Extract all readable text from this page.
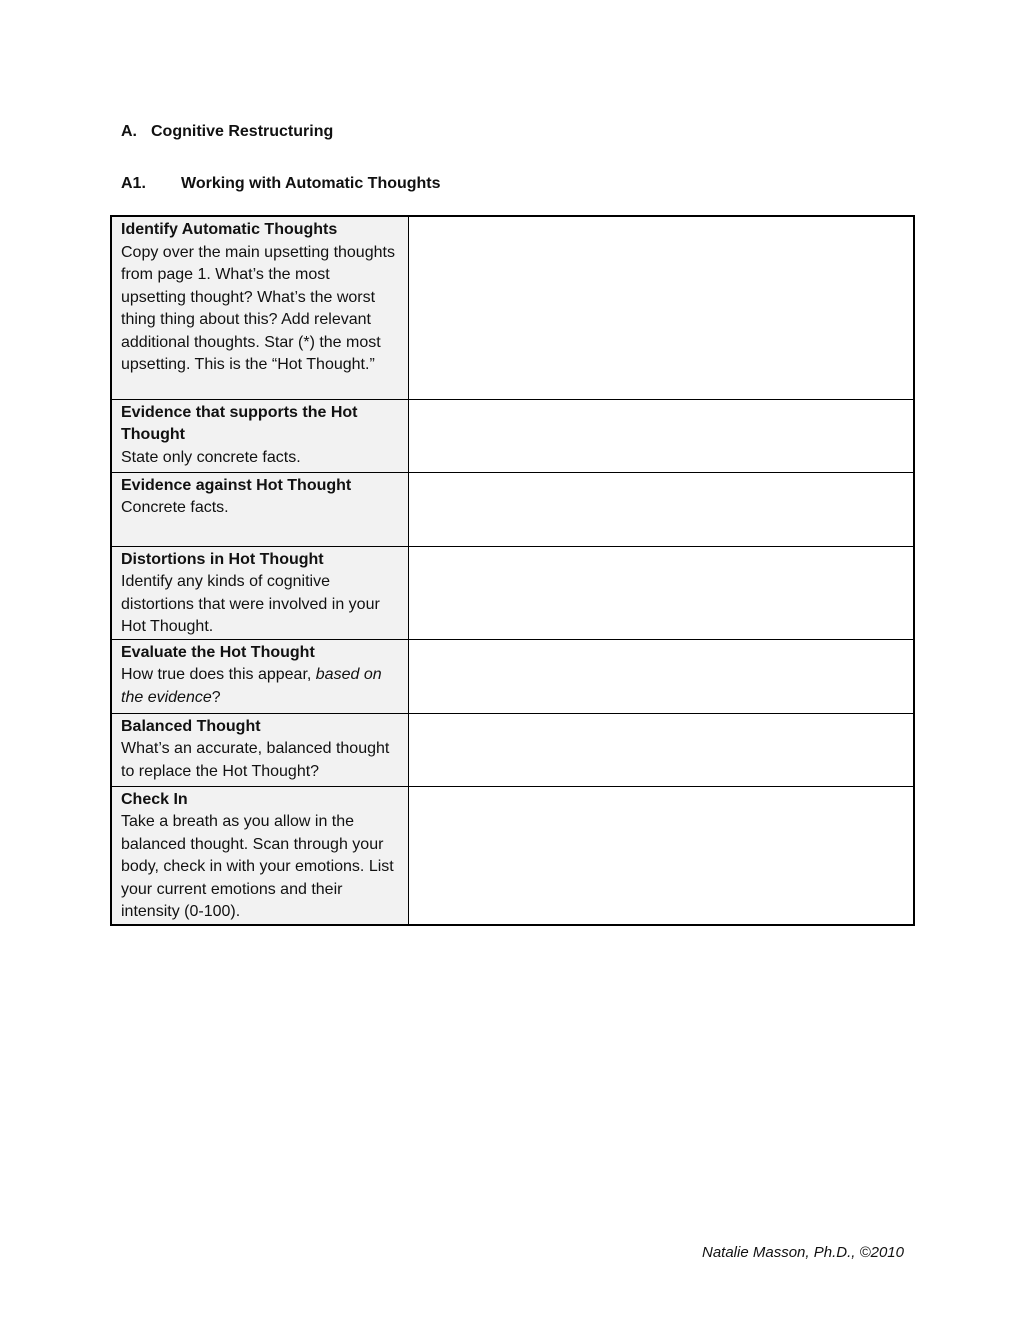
A. Cognitive Restructuring
A1. Working with Automatic Thoughts
Identify Automatic Thoughts
Copy over the main upsetting thoughts from page 1. What’s the most upsetting thought? What’s the worst thing thing about this? Add relevant additional thoughts. Star (*) the most upsetting. This is the “Hot Thought.”	

Evidence that supports the Hot Thought
State only concrete facts.	

Evidence against Hot Thought
Concrete facts.	

Distortions in Hot Thought
Identify any kinds of cognitive distortions that were involved in your Hot Thought.	

Evaluate the Hot Thought
How true does this appear, based on the evidence?	

Balanced Thought
What’s an accurate, balanced thought to replace the Hot Thought?	

Check In
Take a breath as you allow in the balanced thought. Scan through your body, check in with your emotions. List your current emotions and their intensity (0-100).	

Natalie Masson, Ph.D., ©2010
